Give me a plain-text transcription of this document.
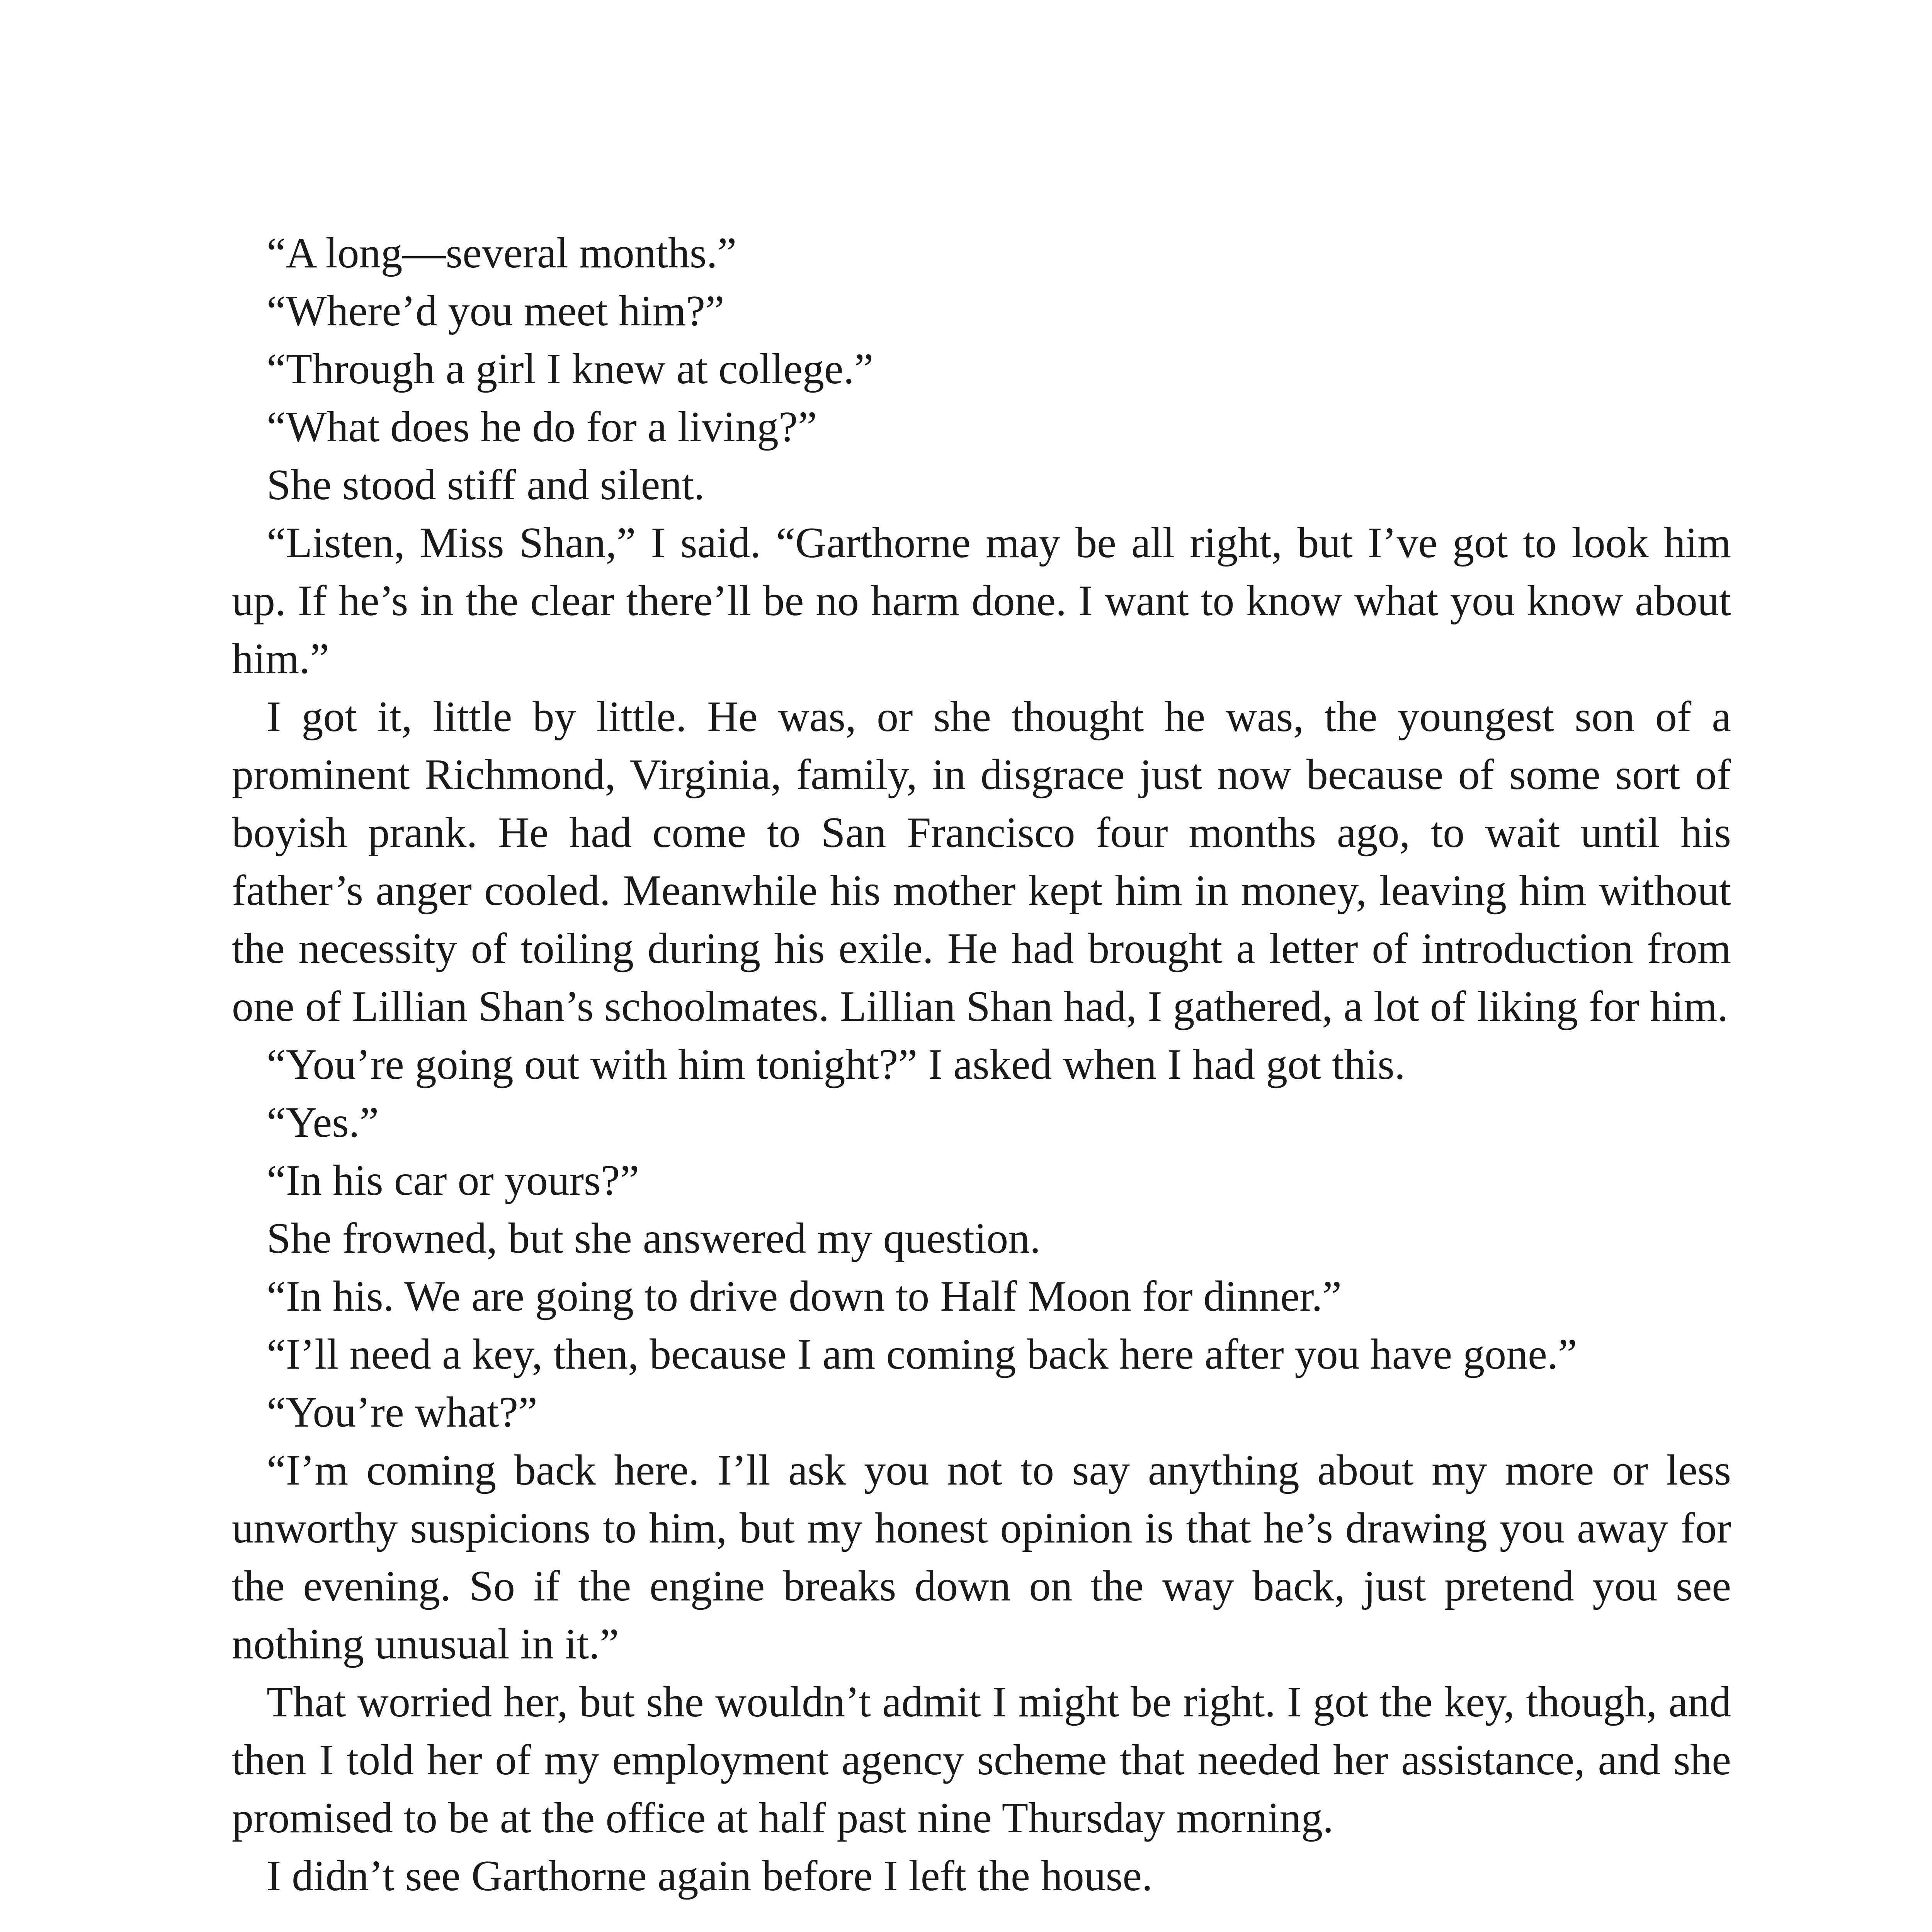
“A long—several months.”

“Where’d you meet him?”

“Through a girl I knew at college.”

“What does he do for a living?”

She stood stiff and silent.

“Listen, Miss Shan,” I said. “Garthorne may be all right, but I’ve got to look him up. If he’s in the clear there’ll be no harm done. I want to know what you know about him.”

I got it, little by little. He was, or she thought he was, the youngest son of a prominent Richmond, Virginia, family, in disgrace just now because of some sort of boyish prank. He had come to San Francisco four months ago, to wait until his father’s anger cooled. Meanwhile his mother kept him in money, leaving him without the necessity of toiling during his exile. He had brought a letter of introduction from one of Lillian Shan’s schoolmates. Lillian Shan had, I gathered, a lot of liking for him.

“You’re going out with him tonight?” I asked when I had got this.

“Yes.”

“In his car or yours?”

She frowned, but she answered my question.

“In his. We are going to drive down to Half Moon for dinner.”

“I’ll need a key, then, because I am coming back here after you have gone.”

“You’re what?”

“I’m coming back here. I’ll ask you not to say anything about my more or less unworthy suspicions to him, but my honest opinion is that he’s drawing you away for the evening. So if the engine breaks down on the way back, just pretend you see nothing unusual in it.”

That worried her, but she wouldn’t admit I might be right. I got the key, though, and then I told her of my employment agency scheme that needed her assistance, and she promised to be at the office at half past nine Thursday morning.

I didn’t see Garthorne again before I left the house.
